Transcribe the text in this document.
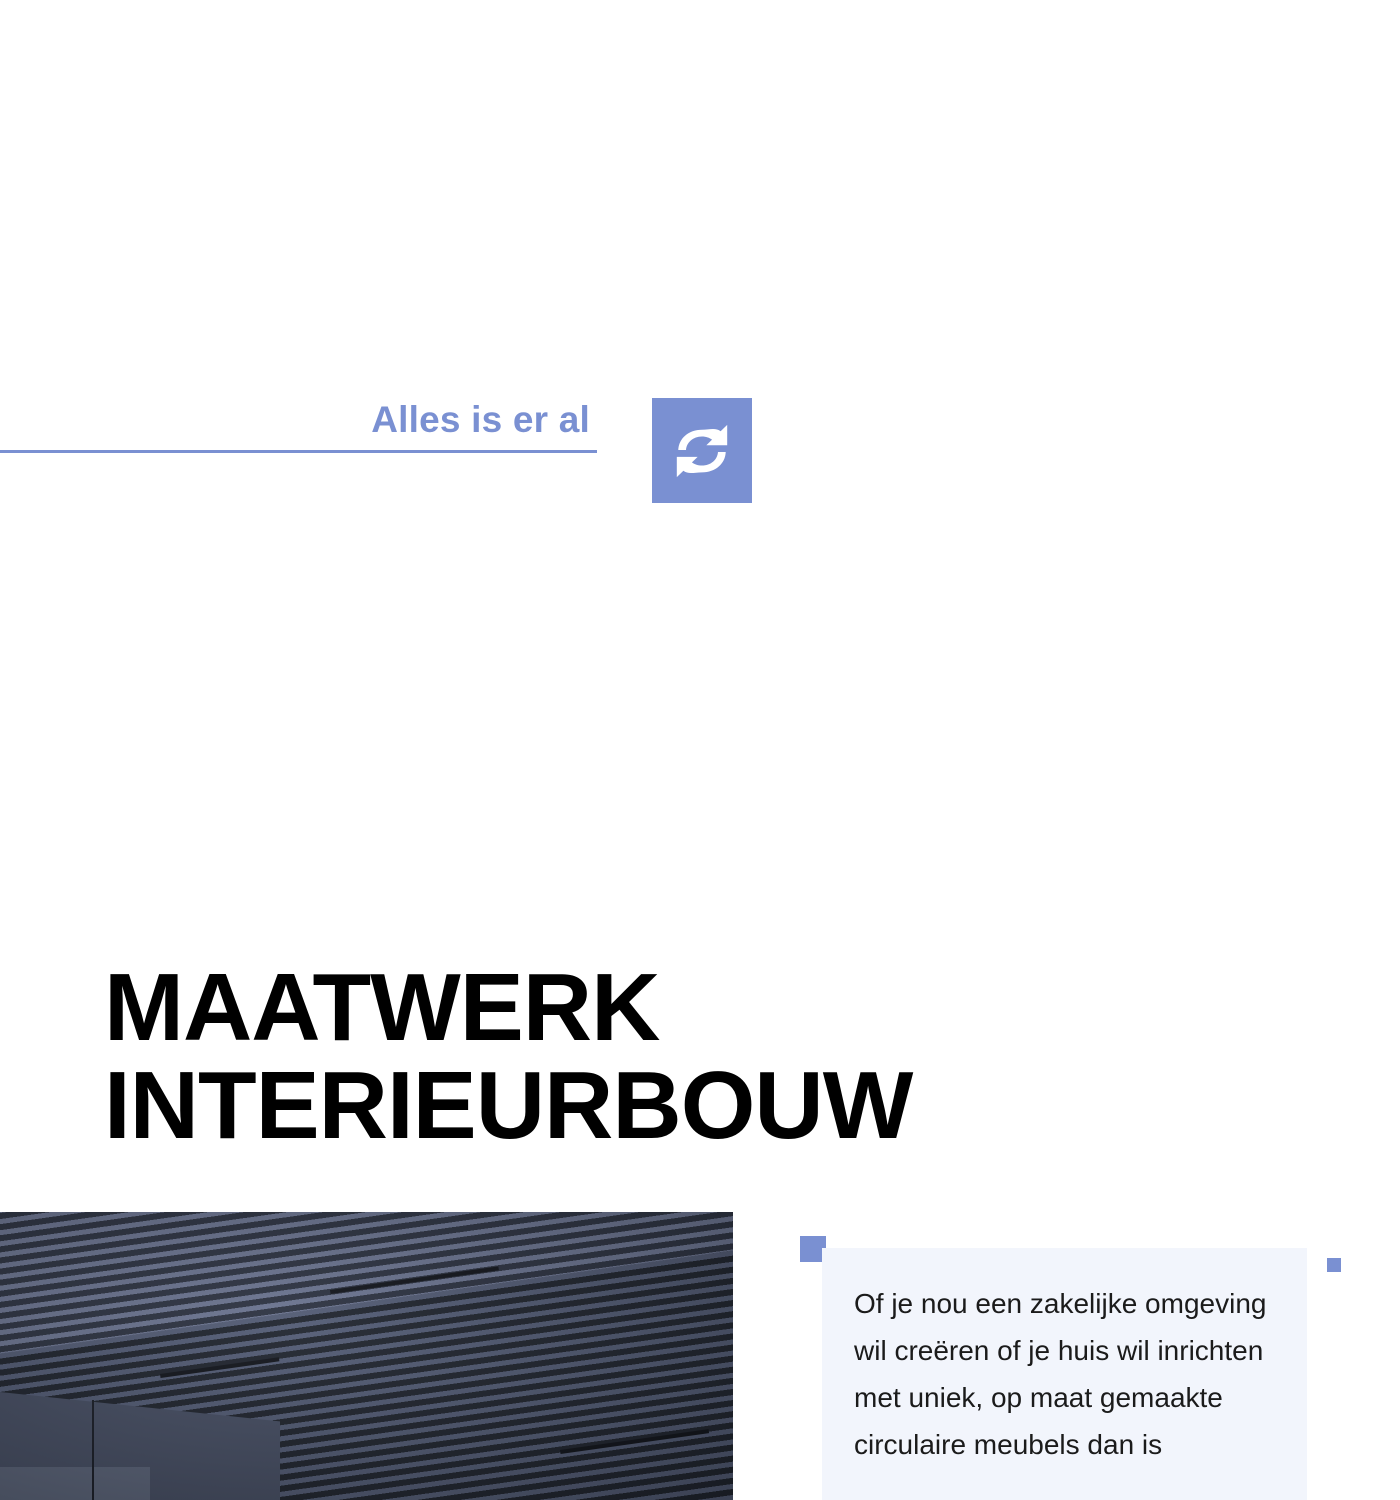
Alles is er al
MAATWERK
INTERIEURBOUW

Of je nou een zakelijke omgeving wil creëren of je huis wil inrichten met uniek, op maat gemaakte circulaire meubels dan is
